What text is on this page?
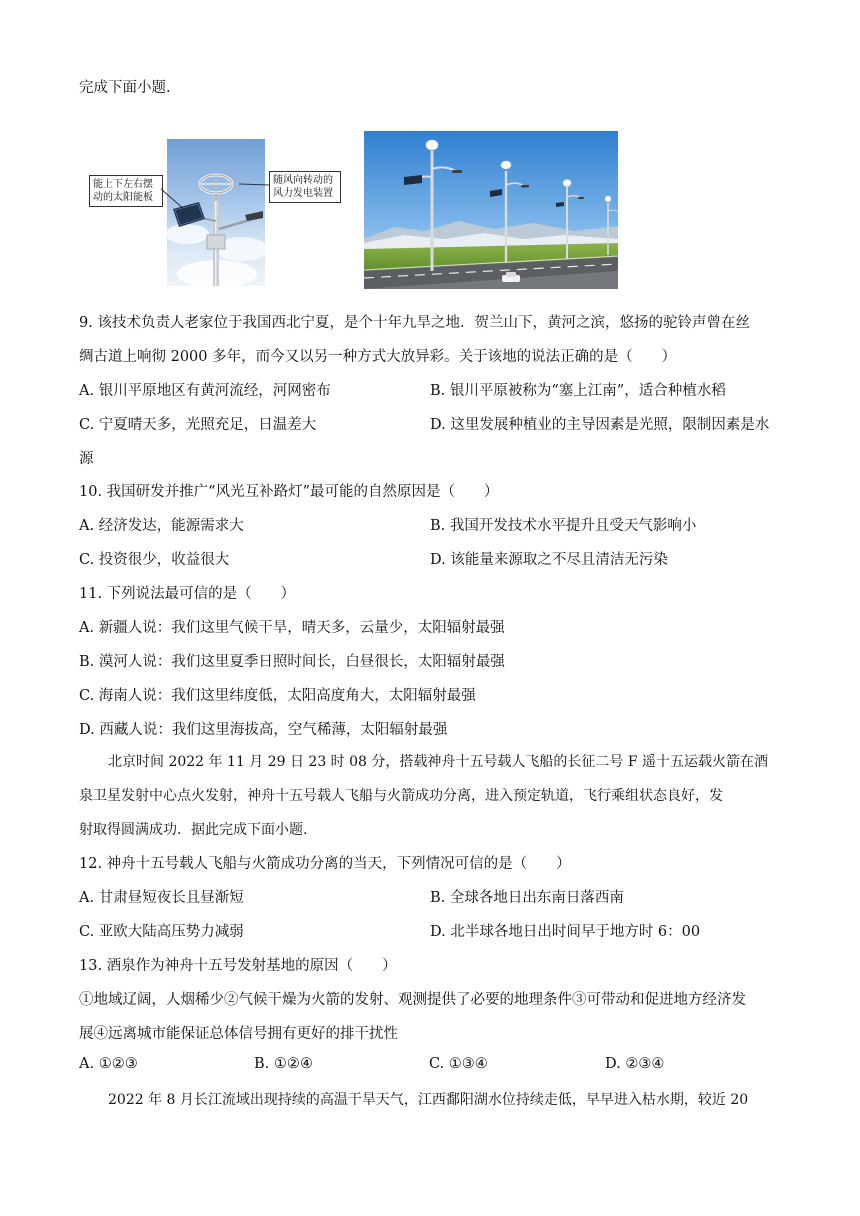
完成下面小题.
能上下左右摆动的太阳能板
随风向转动的风力发电装置
9. 该技术负责人老家位于我国西北宁夏，是个十年九旱之地．贺兰山下，黄河之滨，悠扬的驼铃声曾在丝
绸古道上响彻 2000 多年，而今又以另一种方式大放异彩。关于该地的说法正确的是（　　）
A. 银川平原地区有黄河流经，河网密布	B. 银川平原被称为“塞上江南”，适合种植水稻
C. 宁夏晴天多，光照充足，日温差大	D. 这里发展种植业的主导因素是光照，限制因素是水
源
10. 我国研发并推广“风光互补路灯”最可能的自然原因是（　　）
A. 经济发达，能源需求大	B. 我国开发技术水平提升且受天气影响小
C. 投资很少，收益很大	D. 该能量来源取之不尽且清洁无污染
11. 下列说法最可信的是（　　）
A. 新疆人说：我们这里气候干旱，晴天多，云量少，太阳辐射最强
B. 漠河人说：我们这里夏季日照时间长，白昼很长，太阳辐射最强
C. 海南人说：我们这里纬度低，太阳高度角大，太阳辐射最强
D. 西藏人说：我们这里海拔高，空气稀薄，太阳辐射最强
北京时间 2022 年 11 月 29 日 23 时 08 分，搭载神舟十五号载人飞船的长征二号 F 遥十五运载火箭在酒
泉卫星发射中心点火发射，神舟十五号载人飞船与火箭成功分离，进入预定轨道，飞行乘组状态良好，发
射取得圆满成功．据此完成下面小题.
12. 神舟十五号载人飞船与火箭成功分离的当天，下列情况可信的是（　　）
A. 甘肃昼短夜长且昼渐短	B. 全球各地日出东南日落西南
C. 亚欧大陆高压势力减弱	D. 北半球各地日出时间早于地方时 6：00
13. 酒泉作为神舟十五号发射基地的原因（　　）
①地域辽阔，人烟稀少②气候干燥为火箭的发射、观测提供了必要的地理条件③可带动和促进地方经济发
展④远离城市能保证总体信号拥有更好的排干扰性
A. ①②③	B. ①②④	C. ①③④	D. ②③④
2022 年 8 月长江流域出现持续的高温干旱天气，江西鄱阳湖水位持续走低，早早进入枯水期，较近 20
